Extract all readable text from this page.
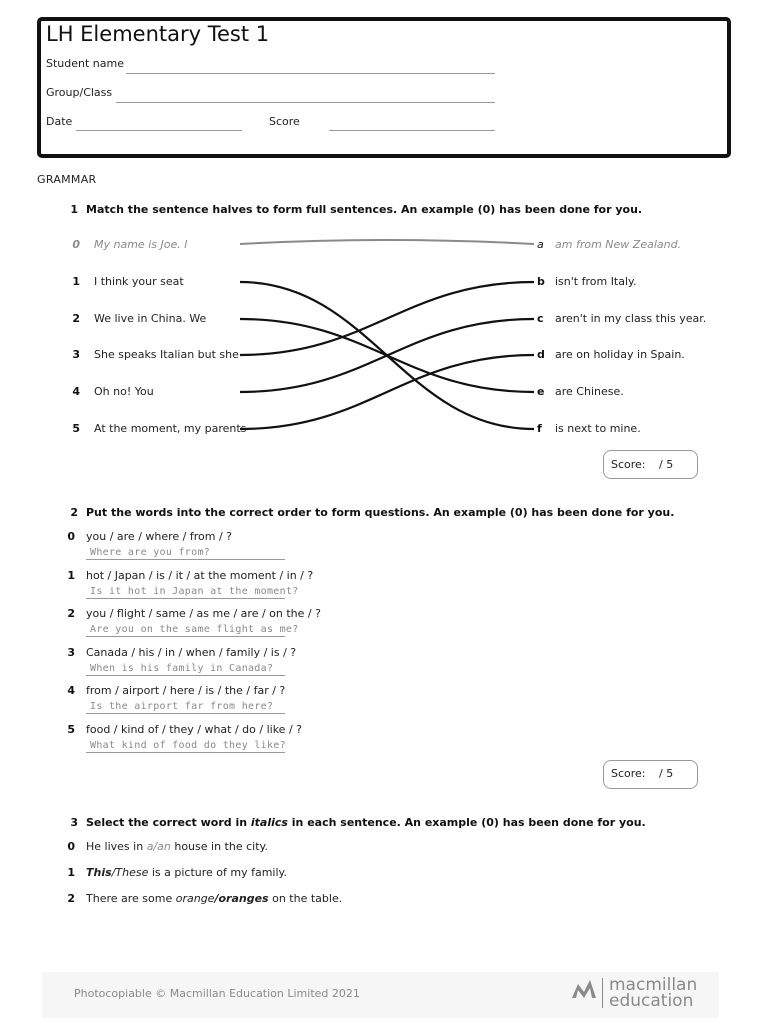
LH Elementary Test 1
Student name
Group/Class
Date	Score
GRAMMAR
1 Match the sentence halves to form full sentences. An example (0) has been done for you.
0 My name is Joe. I
1 I think your seat
2 We live in China. We
3 She speaks Italian but she
4 Oh no! You
5 At the moment, my parents
a am from New Zealand.
b isn't from Italy.
c aren't in my class this year.
d are on holiday in Spain.
e are Chinese.
f is next to mine.
Score: / 5
2 Put the words into the correct order to form questions. An example (0) has been done for you.
0 you / are / where / from / ?
Where are you from?
1 hot / Japan / is / it / at the moment / in / ?
Is it hot in Japan at the moment?
2 you / flight / same / as me / are / on the / ?
Are you on the same flight as me?
3 Canada / his / in / when / family / is / ?
When is his family in Canada?
4 from / airport / here / is / the / far / ?
Is the airport far from here?
5 food / kind of / they / what / do / like / ?
What kind of food do they like?
Score: / 5
3 Select the correct word in italics in each sentence. An example (0) has been done for you.
0 He lives in a/an house in the city.
1 This/These is a picture of my family.
2 There are some orange/oranges on the table.
Photocopiable © Macmillan Education Limited 2021	macmillan
education
